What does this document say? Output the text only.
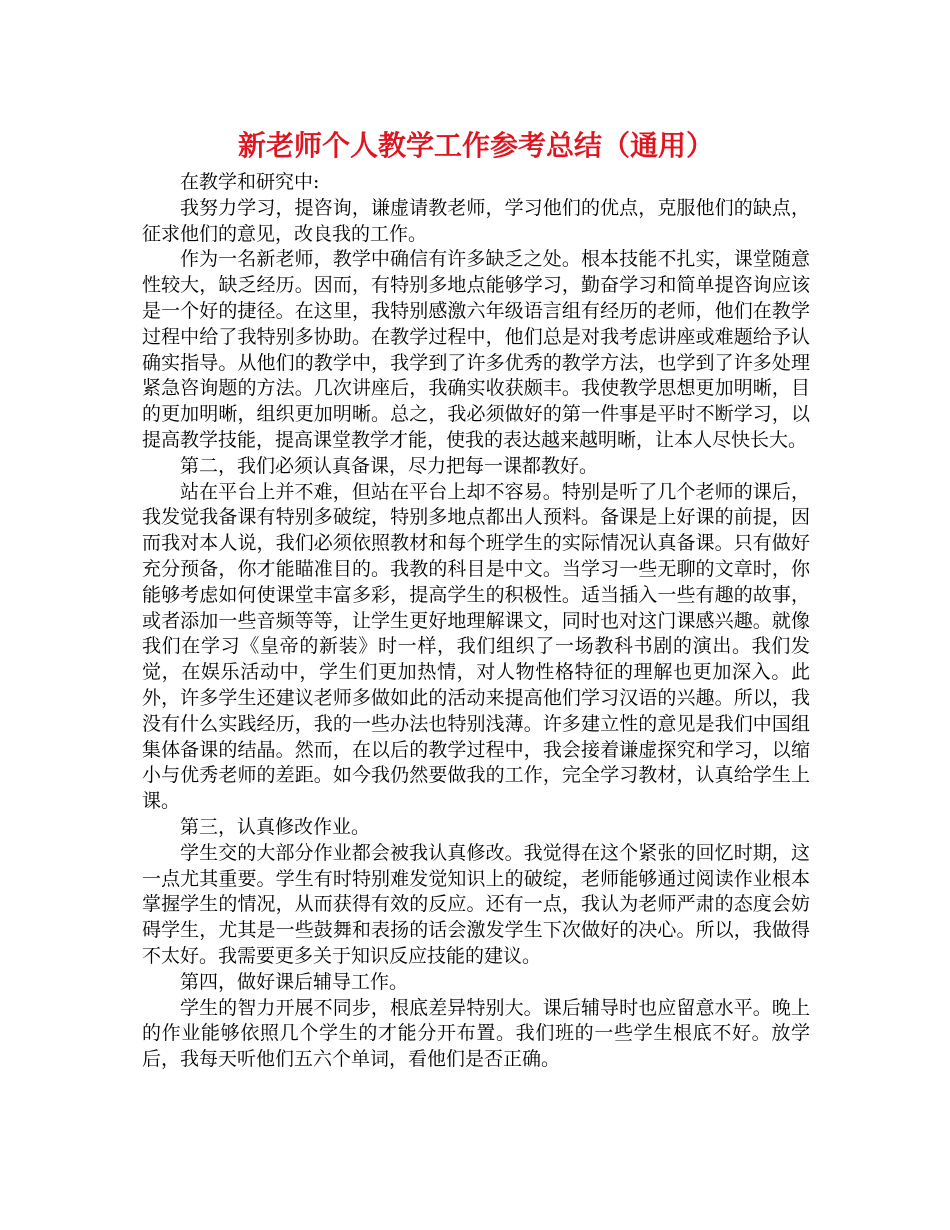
新老师个人教学工作参考总结（通用）

在教学和研究中:

我努力学习，提咨询，谦虚请教老师，学习他们的优点，克服他们的缺点，征求他们的意见，改良我的工作。

作为一名新老师，教学中确信有许多缺乏之处。根本技能不扎实，课堂随意性较大，缺乏经历。因而，有特别多地点能够学习，勤奋学习和简单提咨询应该是一个好的捷径。在这里，我特别感激六年级语言组有经历的老师，他们在教学过程中给了我特别多协助。在教学过程中，他们总是对我考虑讲座或难题给予认确实指导。从他们的教学中，我学到了许多优秀的教学方法，也学到了许多处理紧急咨询题的方法。几次讲座后，我确实收获颇丰。我使教学思想更加明晰，目的更加明晰，组织更加明晰。总之，我必须做好的第一件事是平时不断学习，以提高教学技能，提高课堂教学才能，使我的表达越来越明晰，让本人尽快长大。

第二，我们必须认真备课，尽力把每一课都教好。

站在平台上并不难，但站在平台上却不容易。特别是听了几个老师的课后，我发觉我备课有特别多破绽，特别多地点都出人预料。备课是上好课的前提，因而我对本人说，我们必须依照教材和每个班学生的实际情况认真备课。只有做好充分预备，你才能瞄准目的。我教的科目是中文。当学习一些无聊的文章时，你能够考虑如何使课堂丰富多彩，提高学生的积极性。适当插入一些有趣的故事，或者添加一些音频等等，让学生更好地理解课文，同时也对这门课感兴趣。就像我们在学习《皇帝的新装》时一样，我们组织了一场教科书剧的演出。我们发觉，在娱乐活动中，学生们更加热情，对人物性格特征的理解也更加深入。此外，许多学生还建议老师多做如此的活动来提高他们学习汉语的兴趣。所以，我没有什么实践经历，我的一些办法也特别浅薄。许多建立性的意见是我们中国组集体备课的结晶。然而，在以后的教学过程中，我会接着谦虚探究和学习，以缩小与优秀老师的差距。如今我仍然要做我的工作，完全学习教材，认真给学生上课。

第三，认真修改作业。

学生交的大部分作业都会被我认真修改。我觉得在这个紧张的回忆时期，这一点尤其重要。学生有时特别难发觉知识上的破绽，老师能够通过阅读作业根本掌握学生的情况，从而获得有效的反应。还有一点，我认为老师严肃的态度会妨碍学生，尤其是一些鼓舞和表扬的话会激发学生下次做好的决心。所以，我做得不太好。我需要更多关于知识反应技能的建议。

第四，做好课后辅导工作。

学生的智力开展不同步，根底差异特别大。课后辅导时也应留意水平。晚上的作业能够依照几个学生的才能分开布置。我们班的一些学生根底不好。放学后，我每天听他们五六个单词，看他们是否正确。
